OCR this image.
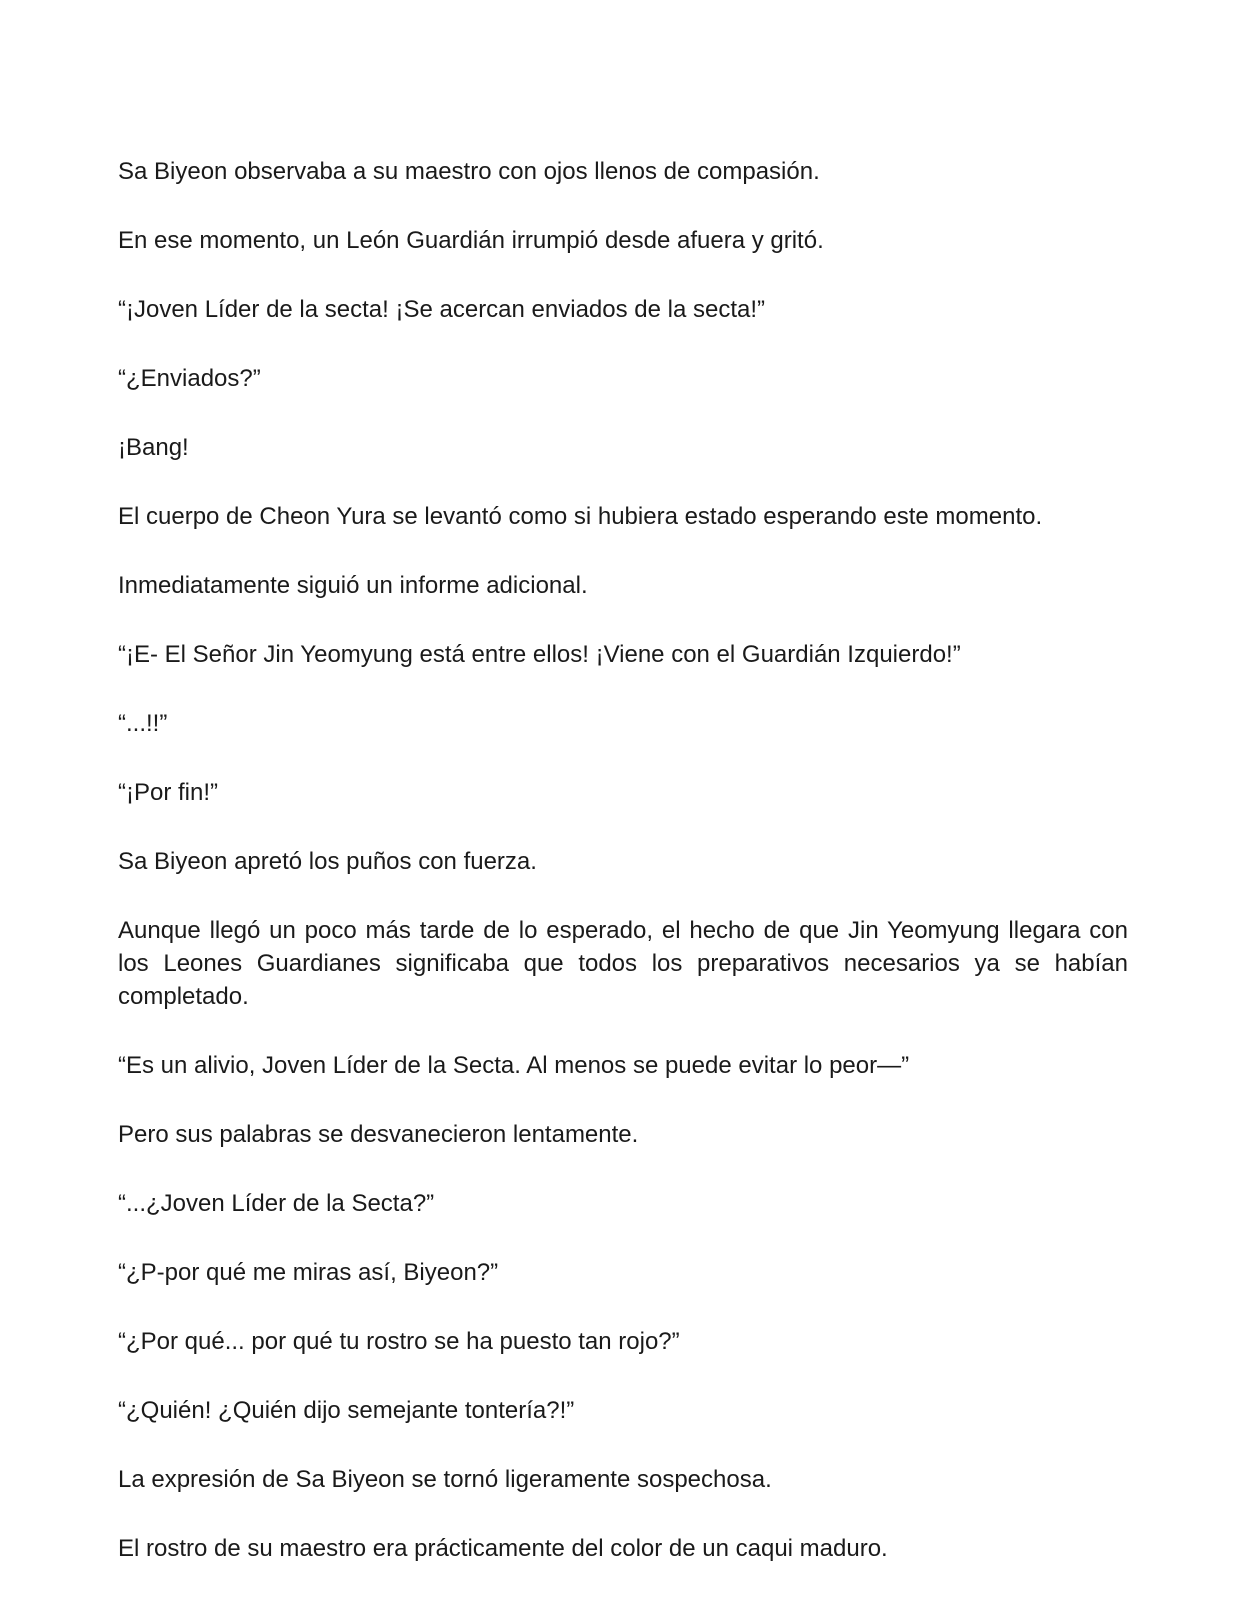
Sa Biyeon observaba a su maestro con ojos llenos de compasión.

En ese momento, un León Guardián irrumpió desde afuera y gritó.

“¡Joven Líder de la secta! ¡Se acercan enviados de la secta!”

“¿Enviados?”

¡Bang!

El cuerpo de Cheon Yura se levantó como si hubiera estado esperando este momento.

Inmediatamente siguió un informe adicional.

“¡E- El Señor Jin Yeomyung está entre ellos! ¡Viene con el Guardián Izquierdo!”

“...!!”

“¡Por fin!”

Sa Biyeon apretó los puños con fuerza.

Aunque llegó un poco más tarde de lo esperado, el hecho de que Jin Yeomyung llegara con los Leones Guardianes significaba que todos los preparativos necesarios ya se habían completado.

“Es un alivio, Joven Líder de la Secta. Al menos se puede evitar lo peor—”

Pero sus palabras se desvanecieron lentamente.

“...¿Joven Líder de la Secta?”

“¿P-por qué me miras así, Biyeon?”

“¿Por qué... por qué tu rostro se ha puesto tan rojo?”

“¿Quién! ¿Quién dijo semejante tontería?!”

La expresión de Sa Biyeon se tornó ligeramente sospechosa.

El rostro de su maestro era prácticamente del color de un caqui maduro.
